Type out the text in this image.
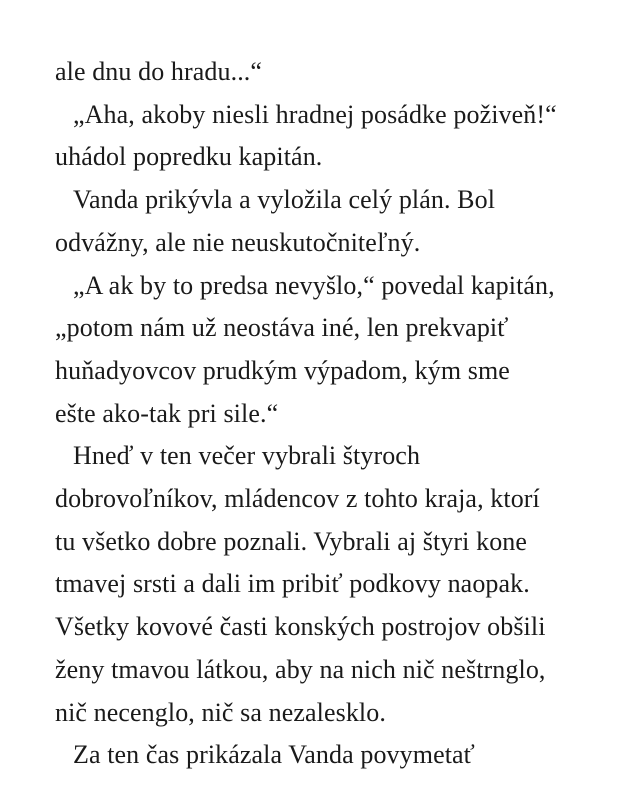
ale dnu do hradu...“
„Aha, akoby niesli hradnej posádke poživeň!“
uhádol popredku kapitán.
Vanda prikývla a vyložila celý plán. Bol
odvážny, ale nie neuskutočniteľný.
„A ak by to predsa nevyšlo,“ povedal kapitán,
„potom nám už neostáva iné, len prekvapiť
huňadyovcov prudkým výpadom, kým sme
ešte ako-tak pri sile.“
Hneď v ten večer vybrali štyroch
dobrovoľníkov, mládencov z tohto kraja, ktorí
tu všetko dobre poznali. Vybrali aj štyri kone
tmavej srsti a dali im pribiť podkovy naopak.
Všetky kovové časti konských postrojov obšili
ženy tmavou látkou, aby na nich nič neštrnglo,
nič necenglo, nič sa nezalesklo.
Za ten čas prikázala Vanda povymetať
